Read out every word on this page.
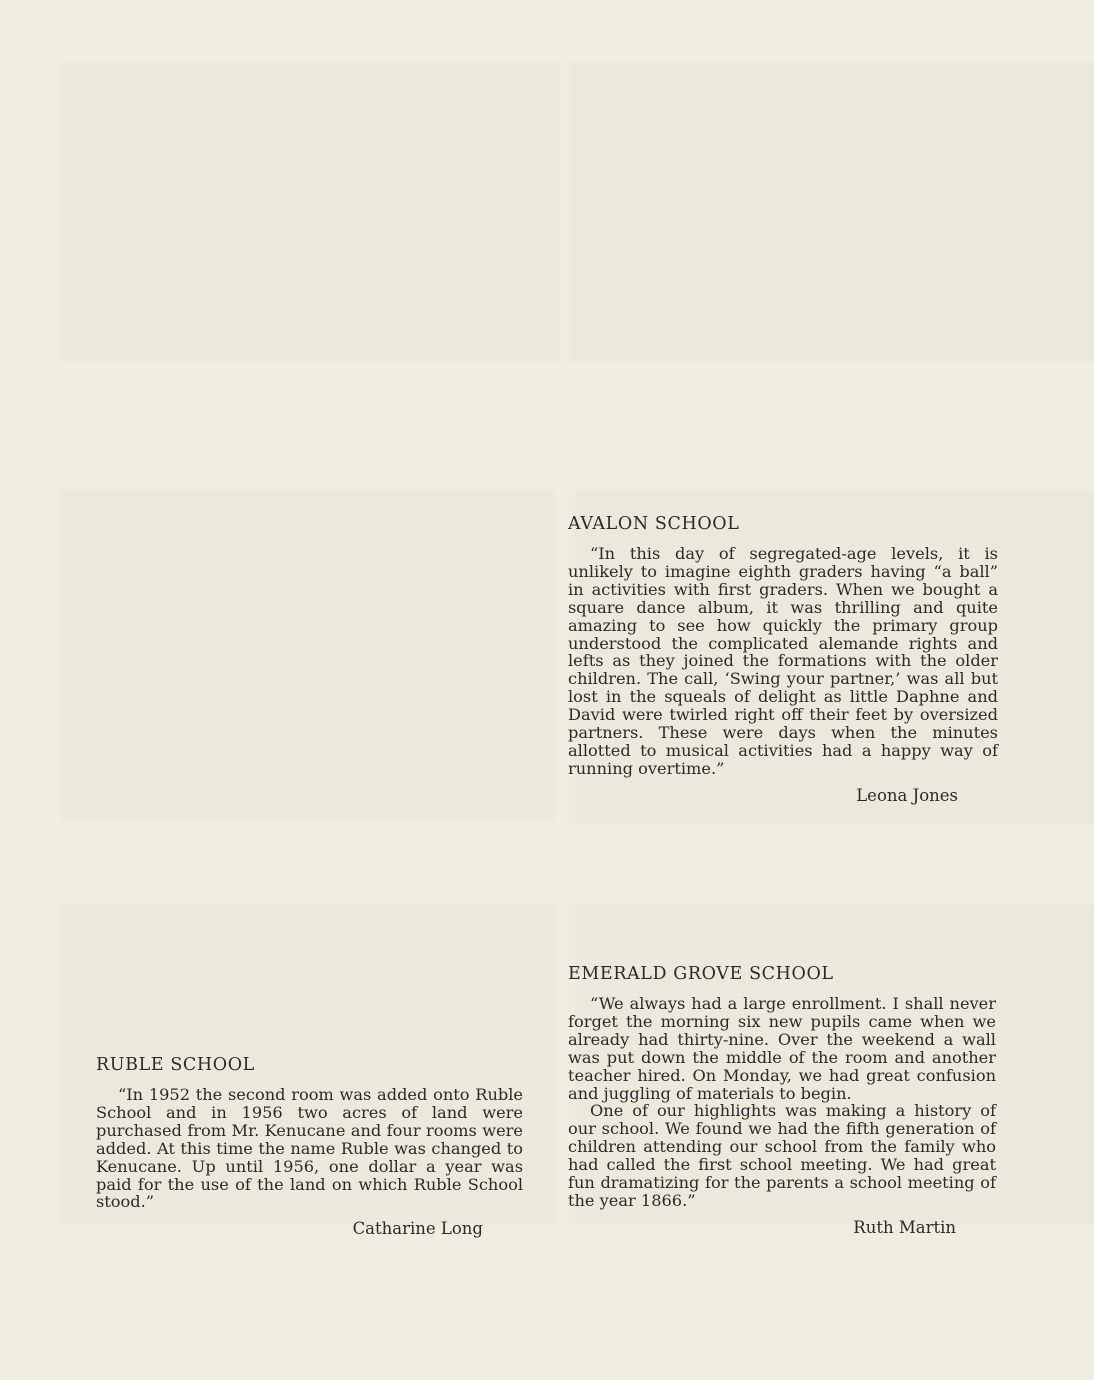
AVALON SCHOOL

“In this day of segregated-age levels, it is unlikely to imagine eighth graders having “a ball” in activities with first graders. When we bought a square dance album, it was thrilling and quite amazing to see how quickly the primary group understood the complicated alemande rights and lefts as they joined the formations with the older children. The call, ‘Swing your partner,’ was all but lost in the squeals of delight as little Daphne and David were twirled right off their feet by oversized partners. These were days when the minutes allotted to musical activities had a happy way of running overtime.”

Leona Jones

EMERALD GROVE SCHOOL

“We always had a large enrollment. I shall never forget the morning six new pupils came when we already had thirty-nine. Over the weekend a wall was put down the middle of the room and another teacher hired. On Monday, we had great confusion and juggling of materials to begin.

One of our highlights was making a history of our school. We found we had the fifth generation of children attending our school from the family who had called the first school meeting. We had great fun dramatizing for the parents a school meeting of the year 1866.”

Ruth Martin

RUBLE SCHOOL

“In 1952 the second room was added onto Ruble School and in 1956 two acres of land were purchased from Mr. Kenucane and four rooms were added. At this time the name Ruble was changed to Kenucane. Up until 1956, one dollar a year was paid for the use of the land on which Ruble School stood.”

Catharine Long
